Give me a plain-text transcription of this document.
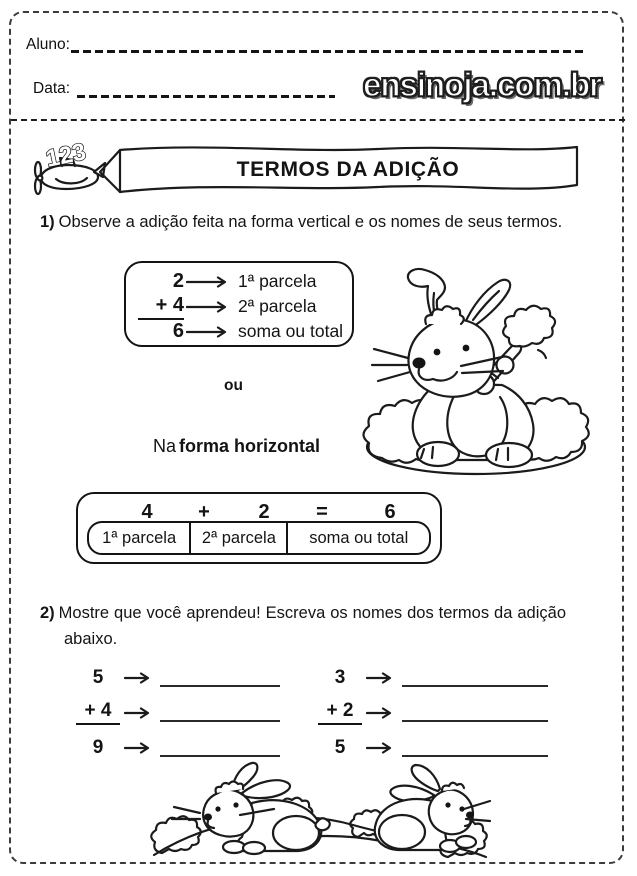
Aluno:
Data:	ensinoja.com.br
123	TERMOS DA ADIÇÃO
1) Observe a adição feita na forma vertical e os nomes de seus termos.
2	1ª parcela
+ 4	2ª parcela
6	soma ou total
ou
Na forma horizontal
4	+	2	=	6
1ª parcela	2ª parcela	soma ou total
2) Mostre que você aprendeu! Escreva os nomes dos termos da adição abaixo.
5
+ 4
9
3
+ 2
5
